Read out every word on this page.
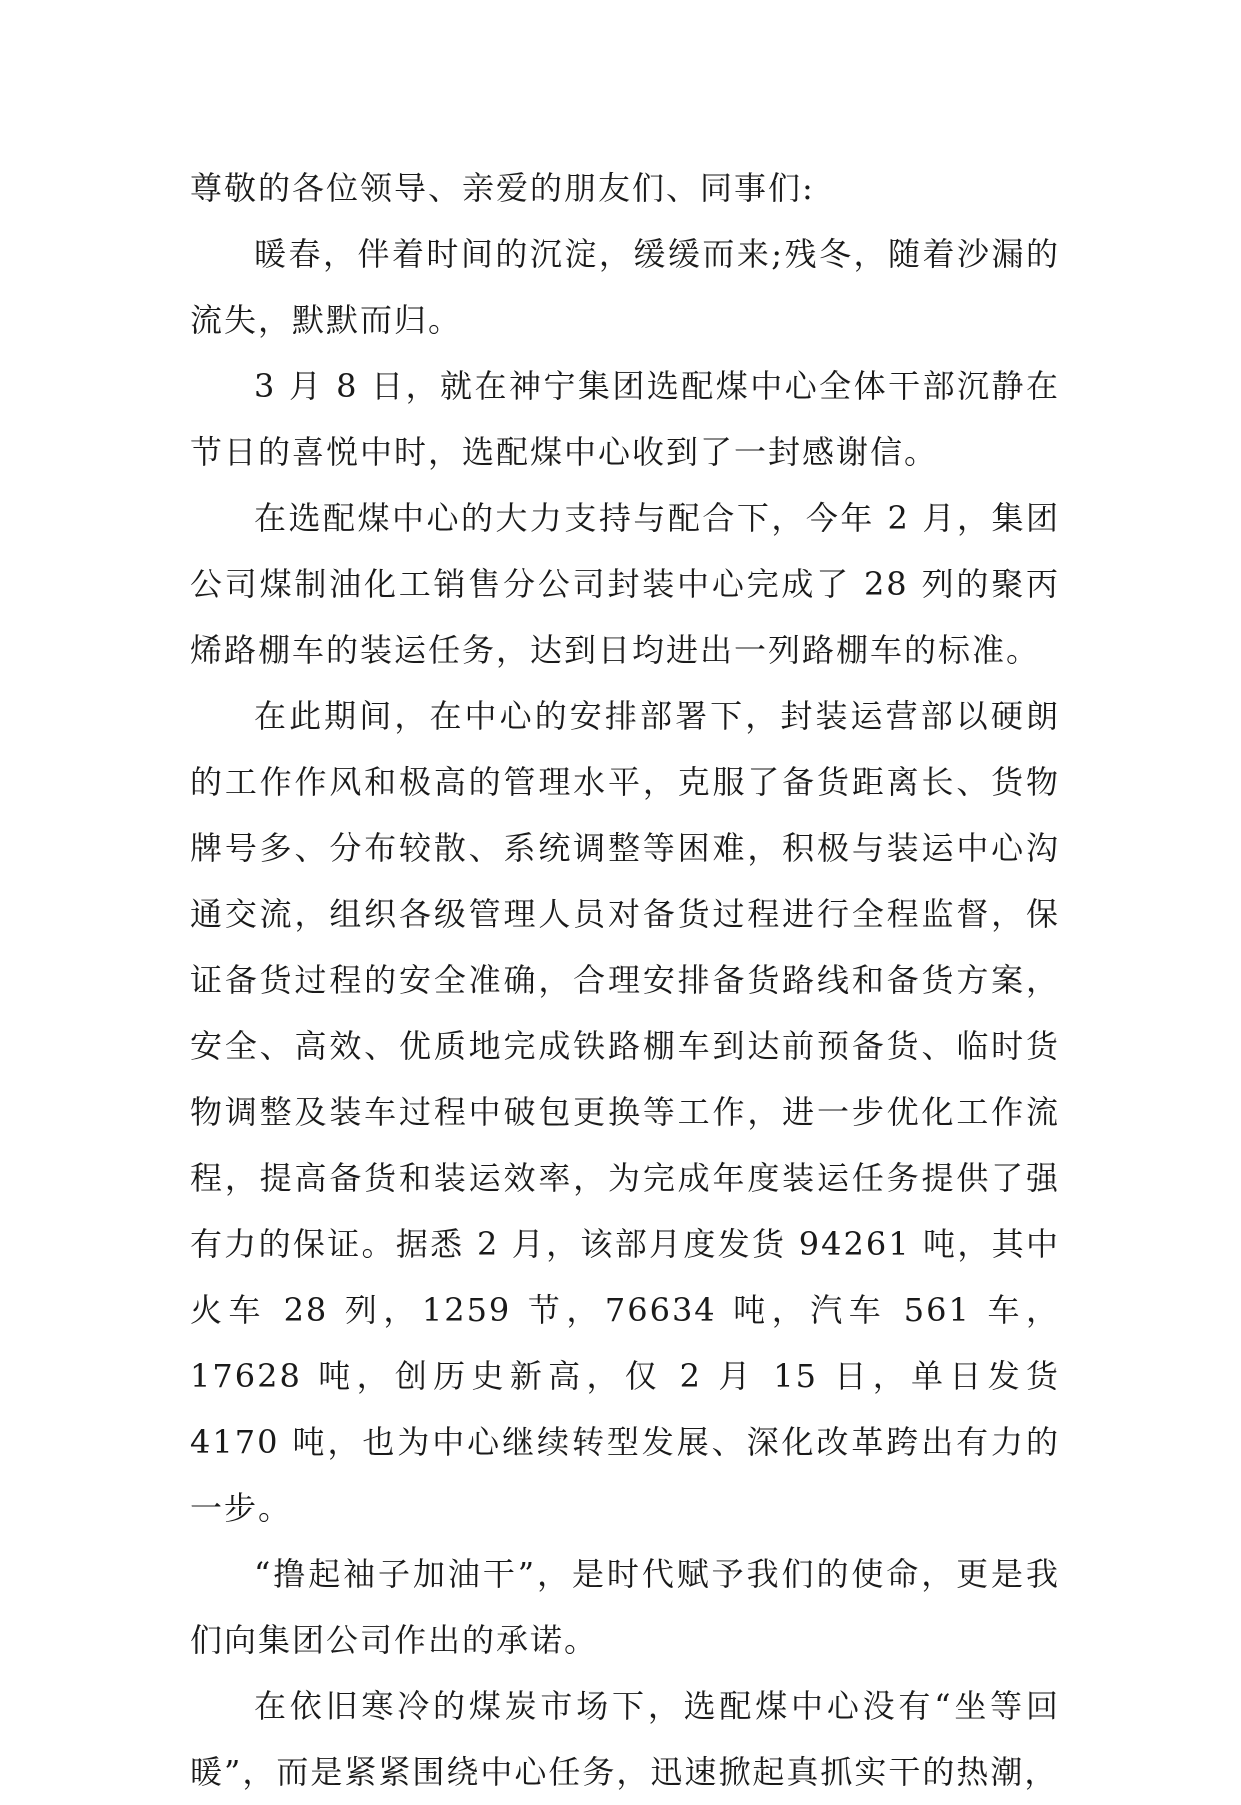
尊敬的各位领导、亲爱的朋友们、同事们:

暖春，伴着时间的沉淀，缓缓而来;残冬，随着沙漏的流失，默默而归。

3 月 8 日，就在神宁集团选配煤中心全体干部沉静在节日的喜悦中时，选配煤中心收到了一封感谢信。

在选配煤中心的大力支持与配合下，今年 2 月，集团公司煤制油化工销售分公司封装中心完成了 28 列的聚丙烯路棚车的装运任务，达到日均进出一列路棚车的标准。

在此期间，在中心的安排部署下，封装运营部以硬朗的工作作风和极高的管理水平，克服了备货距离长、货物牌号多、分布较散、系统调整等困难，积极与装运中心沟通交流，组织各级管理人员对备货过程进行全程监督，保证备货过程的安全准确，合理安排备货路线和备货方案，安全、高效、优质地完成铁路棚车到达前预备货、临时货物调整及装车过程中破包更换等工作，进一步优化工作流程，提高备货和装运效率，为完成年度装运任务提供了强有力的保证。据悉 2 月，该部月度发货 94261 吨，其中火车 28 列，1259 节，76634 吨，汽车 561 车，17628 吨，创历史新高，仅 2 月 15 日，单日发货 4170 吨，也为中心继续转型发展、深化改革跨出有力的一步。

“撸起袖子加油干”，是时代赋予我们的使命，更是我们向集团公司作出的承诺。

在依旧寒冷的煤炭市场下，选配煤中心没有“坐等回暖”，而是紧紧围绕中心任务，迅速掀起真抓实干的热潮，
